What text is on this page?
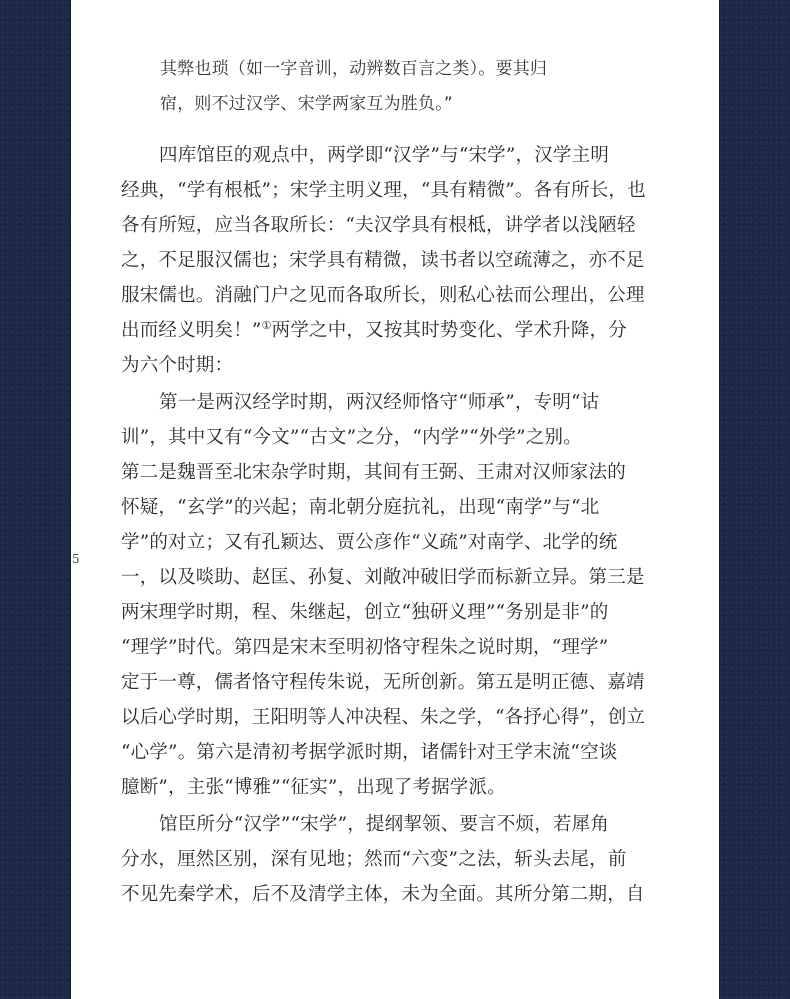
其弊也琐（如一字音训，动辨数百言之类）。要其归
宿，则不过汉学、宋学两家互为胜负。”
四库馆臣的观点中，两学即“汉学”与“宋学”，汉学主明
经典，“学有根柢”；宋学主明义理，“具有精微”。各有所长，也
各有所短，应当各取所长：“夫汉学具有根柢，讲学者以浅陋轻
之，不足服汉儒也；宋学具有精微，读书者以空疏薄之，亦不足
服宋儒也。消融门户之见而各取所长，则私心祛而公理出，公理
出而经义明矣！”①两学之中，又按其时势变化、学术升降，分
为六个时期：
第一是两汉经学时期，两汉经师恪守“师承”，专明“诂
训”，其中又有“今文”“古文”之分，“内学”“外学”之别。
第二是魏晋至北宋杂学时期，其间有王弼、王肃对汉师家法的
怀疑，“玄学”的兴起；南北朝分庭抗礼，出现“南学”与“北
学”的对立；又有孔颖达、贾公彦作“义疏”对南学、北学的统
一，以及啖助、赵匡、孙复、刘敞冲破旧学而标新立异。第三是
两宋理学时期，程、朱继起，创立“独研义理”“务别是非”的
“理学”时代。第四是宋末至明初恪守程朱之说时期，“理学”
定于一尊，儒者恪守程传朱说，无所创新。第五是明正德、嘉靖
以后心学时期，王阳明等人冲决程、朱之学，“各抒心得”，创立
“心学”。第六是清初考据学派时期，诸儒针对王学末流“空谈
臆断”，主张“博雅”“征实”，出现了考据学派。
馆臣所分“汉学”“宋学”，提纲挈领、要言不烦，若犀角
分水，厘然区别，深有见地；然而“六变”之法，斩头去尾，前
不见先秦学术，后不及清学主体，未为全面。其所分第二期，自
5
